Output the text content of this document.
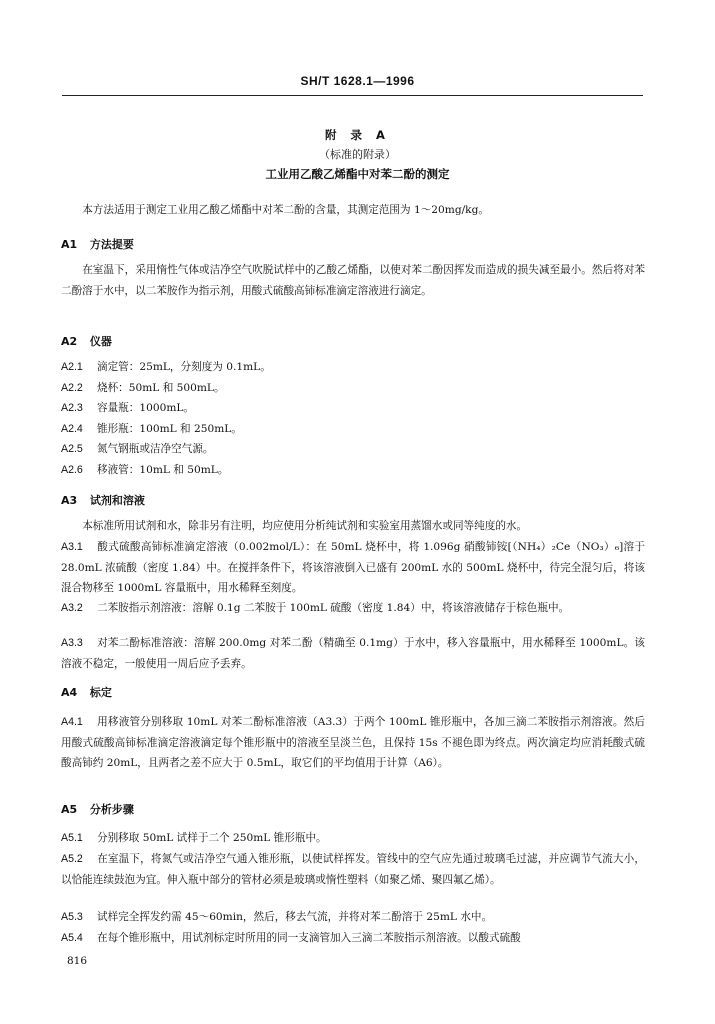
SH/T 1628.1—1996
附 录 A
（标准的附录）
工业用乙酸乙烯酯中对苯二酚的测定
本方法适用于测定工业用乙酸乙烯酯中对苯二酚的含量，其测定范围为 1～20mg/kg。
A1 方法提要
在室温下，采用惰性气体或洁净空气吹脱试样中的乙酸乙烯酯，以使对苯二酚因挥发而造成的损失减至最小。然后将对苯二酚溶于水中，以二苯胺作为指示剂，用酸式硫酸高铈标准滴定溶液进行滴定。
A2 仪器
A2.1 滴定管：25mL，分刻度为 0.1mL。
A2.2 烧杯：50mL 和 500mL。
A2.3 容量瓶：1000mL。
A2.4 锥形瓶：100mL 和 250mL。
A2.5 氮气钢瓶或洁净空气源。
A2.6 移液管：10mL 和 50mL。
A3 试剂和溶液
本标准所用试剂和水，除非另有注明，均应使用分析纯试剂和实验室用蒸馏水或同等纯度的水。
A3.1 酸式硫酸高铈标准滴定溶液（0.002mol/L）：在 50mL 烧杯中，将 1.096g 硝酸铈铵[（NH₄）₂Ce（NO₃）₆]溶于 28.0mL 浓硫酸（密度 1.84）中。在搅拌条件下，将该溶液倒入已盛有 200mL 水的 500mL 烧杯中，待完全混匀后，将该混合物移至 1000mL 容量瓶中，用水稀释至刻度。
A3.2 二苯胺指示剂溶液：溶解 0.1g 二苯胺于 100mL 硫酸（密度 1.84）中，将该溶液储存于棕色瓶中。
A3.3 对苯二酚标准溶液：溶解 200.0mg 对苯二酚（精确至 0.1mg）于水中，移入容量瓶中，用水稀释至 1000mL。该溶液不稳定，一般使用一周后应予丢弃。
A4 标定
A4.1 用移液管分别移取 10mL 对苯二酚标准溶液（A3.3）于两个 100mL 锥形瓶中，各加三滴二苯胺指示剂溶液。然后用酸式硫酸高铈标准滴定溶液滴定每个锥形瓶中的溶液至呈淡兰色，且保持 15s 不褪色即为终点。两次滴定均应消耗酸式硫酸高铈约 20mL，且两者之差不应大于 0.5mL，取它们的平均值用于计算（A6）。
A5 分析步骤
A5.1 分别移取 50mL 试样于二个 250mL 锥形瓶中。
A5.2 在室温下，将氮气或洁净空气通入锥形瓶，以使试样挥发。管线中的空气应先通过玻璃毛过滤，并应调节气流大小，以恰能连续鼓泡为宜。伸入瓶中部分的管材必须是玻璃或惰性塑料（如聚乙烯、聚四氟乙烯）。
A5.3 试样完全挥发约需 45～60min，然后，移去气流，并将对苯二酚溶于 25mL 水中。
A5.4 在每个锥形瓶中，用试剂标定时所用的同一支滴管加入三滴二苯胺指示剂溶液。以酸式硫酸
816
